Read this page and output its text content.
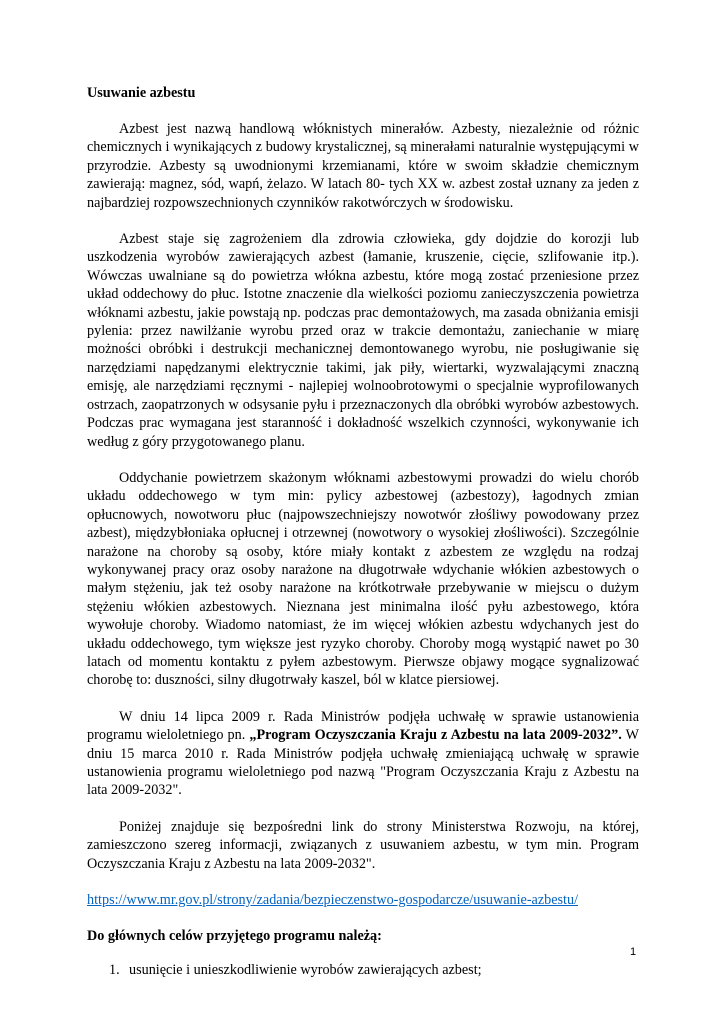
Usuwanie azbestu

Azbest jest nazwą handlową włóknistych minerałów. Azbesty, niezależnie od różnic chemicznych i wynikających z budowy krystalicznej, są minerałami naturalnie występującymi w przyrodzie. Azbesty są uwodnionymi krzemianami, które w swoim składzie chemicznym zawierają: magnez, sód, wapń, żelazo. W latach 80- tych XX w. azbest został uznany za jeden z najbardziej rozpowszechnionych czynników rakotwórczych w środowisku.

Azbest staje się zagrożeniem dla zdrowia człowieka, gdy dojdzie do korozji lub uszkodzenia wyrobów zawierających azbest (łamanie, kruszenie, cięcie, szlifowanie itp.). Wówczas uwalniane są do powietrza włókna azbestu, które mogą zostać przeniesione przez układ oddechowy do płuc. Istotne znaczenie dla wielkości poziomu zanieczyszczenia powietrza włóknami azbestu, jakie powstają np. podczas prac demontażowych, ma zasada obniżania emisji pylenia: przez nawilżanie wyrobu przed oraz w trakcie demontażu, zaniechanie w miarę możności obróbki i destrukcji mechanicznej demontowanego wyrobu, nie posługiwanie się narzędziami napędzanymi elektrycznie takimi, jak piły, wiertarki, wyzwalającymi znaczną emisję, ale narzędziami ręcznymi - najlepiej wolnoobrotowymi o specjalnie wyprofilowanych ostrzach, zaopatrzonych w odsysanie pyłu i przeznaczonych dla obróbki wyrobów azbestowych. Podczas prac wymagana jest staranność i dokładność wszelkich czynności, wykonywanie ich według z góry przygotowanego planu.

Oddychanie powietrzem skażonym włóknami azbestowymi prowadzi do wielu chorób układu oddechowego w tym min: pylicy azbestowej (azbestozy), łagodnych zmian opłucnowych, nowotworu płuc (najpowszechniejszy nowotwór złośliwy powodowany przez azbest), międzybłoniaka opłucnej i otrzewnej (nowotwory o wysokiej złośliwości). Szczególnie narażone na choroby są osoby, które miały kontakt z azbestem ze względu na rodzaj wykonywanej pracy oraz osoby narażone na długotrwałe wdychanie włókien azbestowych o małym stężeniu, jak też osoby narażone na krótkotrwałe przebywanie w miejscu o dużym stężeniu włókien azbestowych. Nieznana jest minimalna ilość pyłu azbestowego, która wywołuje choroby. Wiadomo natomiast, że im więcej włókien azbestu wdychanych jest do układu oddechowego, tym większe jest ryzyko choroby. Choroby mogą wystąpić nawet po 30 latach od momentu kontaktu z pyłem azbestowym. Pierwsze objawy mogące sygnalizować chorobę to: duszności, silny długotrwały kaszel, ból w klatce piersiowej.

W dniu 14 lipca 2009 r. Rada Ministrów podjęła uchwałę w sprawie ustanowienia programu wieloletniego pn. „Program Oczyszczania Kraju z Azbestu na lata 2009-2032”. W dniu 15 marca 2010 r. Rada Ministrów podjęła uchwałę zmieniającą uchwałę w sprawie ustanowienia programu wieloletniego pod nazwą "Program Oczyszczania Kraju z Azbestu na lata 2009-2032".

Poniżej znajduje się bezpośredni link do strony Ministerstwa Rozwoju, na której, zamieszczono szereg informacji, związanych z usuwaniem azbestu, w tym min. Program Oczyszczania Kraju z Azbestu na lata 2009-2032".

https://www.mr.gov.pl/strony/zadania/bezpieczenstwo-gospodarcze/usuwanie-azbestu/
Do głównych celów przyjętego programu należą:
1. usunięcie i unieszkodliwienie wyrobów zawierających azbest;
1
